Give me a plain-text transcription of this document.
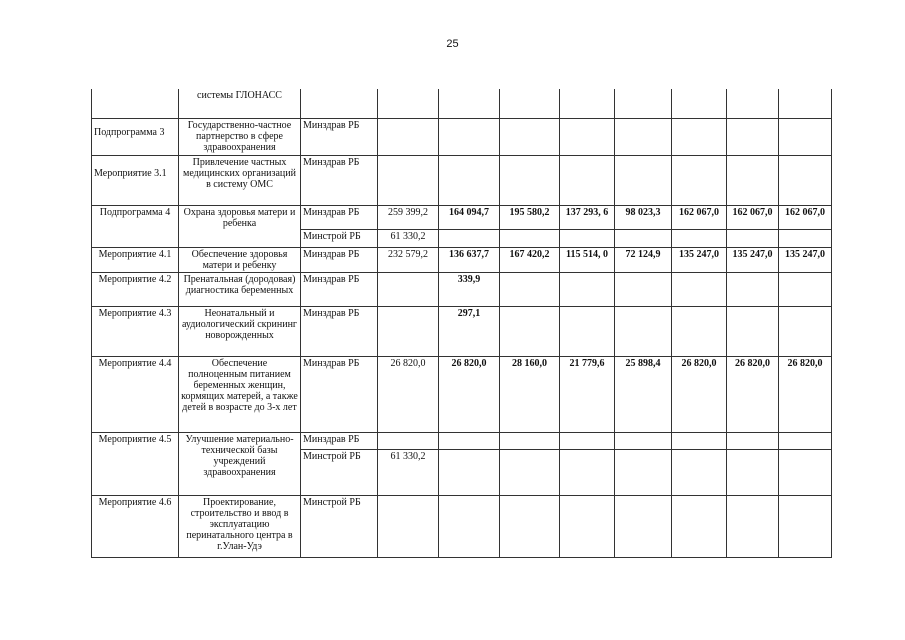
25
	системы ГЛОНАСС									
Подпрограмма 3	Государственно-частное партнерство в сфере здравоохранения	Минздрав РБ								
Мероприятие 3.1	Привлечение частных медицинских организаций в систему ОМС	Минздрав РБ								
Подпрограмма 4	Охрана здоровья матери и ребенка	Минздрав РБ	259 399,2	164 094,7	195 580,2	137 293, 6	98 023,3	162 067,0	162 067,0	162 067,0
		Минстрой РБ	61 330,2							
Мероприятие 4.1	Обеспечение здоровья матери и ребенку	Минздрав РБ	232 579,2	136 637,7	167 420,2	115 514, 0	72 124,9	135 247,0	135 247,0	135 247,0
Мероприятие 4.2	Пренатальная (дородовая) диагностика беременных	Минздрав РБ		339,9						
Мероприятие 4.3	Неонатальный и аудиологический скрининг новорожденных	Минздрав РБ		297,1						
Мероприятие 4.4	Обеспечение полноценным питанием беременных женщин, кормящих матерей, а также детей в возрасте до 3-х лет	Минздрав РБ	26 820,0	26 820,0	28 160,0	21 779,6	25 898,4	26 820,0	26 820,0	26 820,0
Мероприятие 4.5	Улучшение материально-технической базы учреждений здравоохранения	Минздрав РБ								
		Минстрой РБ	61 330,2							
Мероприятие 4.6	Проектирование, строительство и ввод в эксплуатацию перинатального центра в г.Улан-Удэ	Минстрой РБ								
